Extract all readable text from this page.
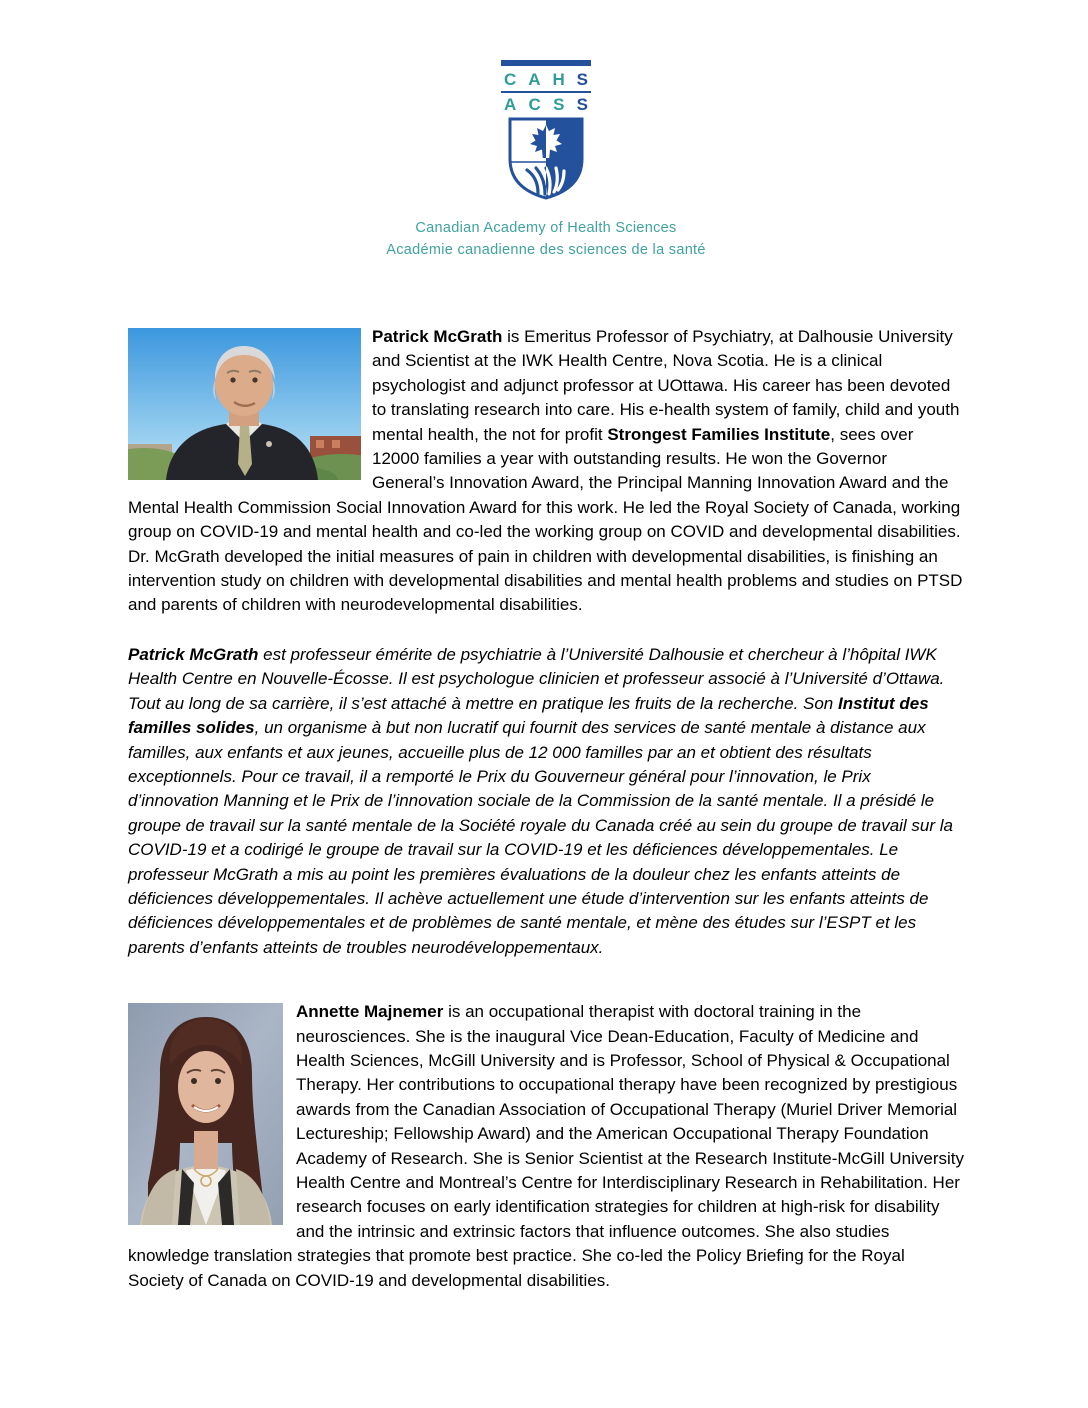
C A H S
A C S S
Canadian Academy of Health Sciences
Académie canadienne des sciences de la santé

Patrick McGrath is Emeritus Professor of Psychiatry, at Dalhousie University and Scientist at the IWK Health Centre, Nova Scotia. He is a clinical psychologist and adjunct professor at UOttawa. His career has been devoted to translating research into care. His e-health system of family, child and youth mental health, the not for profit Strongest Families Institute, sees over 12000 families a year with outstanding results. He won the Governor General’s Innovation Award, the Principal Manning Innovation Award and the Mental Health Commission Social Innovation Award for this work. He led the Royal Society of Canada, working group on COVID-19 and mental health and co-led the working group on COVID and developmental disabilities. Dr. McGrath developed the initial measures of pain in children with developmental disabilities, is finishing an intervention study on children with developmental disabilities and mental health problems and studies on PTSD and parents of children with neurodevelopmental disabilities.

Patrick McGrath est professeur émérite de psychiatrie à l’Université Dalhousie et chercheur à l’hôpital IWK Health Centre en Nouvelle-Écosse. Il est psychologue clinicien et professeur associé à l’Université d’Ottawa. Tout au long de sa carrière, il s’est attaché à mettre en pratique les fruits de la recherche. Son Institut des familles solides, un organisme à but non lucratif qui fournit des services de santé mentale à distance aux familles, aux enfants et aux jeunes, accueille plus de 12 000 familles par an et obtient des résultats exceptionnels. Pour ce travail, il a remporté le Prix du Gouverneur général pour l’innovation, le Prix d’innovation Manning et le Prix de l’innovation sociale de la Commission de la santé mentale. Il a présidé le groupe de travail sur la santé mentale de la Société royale du Canada créé au sein du groupe de travail sur la COVID-19 et a codirigé le groupe de travail sur la COVID-19 et les déficiences développementales. Le professeur McGrath a mis au point les premières évaluations de la douleur chez les enfants atteints de déficiences développementales. Il achève actuellement une étude d’intervention sur les enfants atteints de déficiences développementales et de problèmes de santé mentale, et mène des études sur l’ESPT et les parents d’enfants atteints de troubles neurodéveloppementaux.

Annette Majnemer is an occupational therapist with doctoral training in the neurosciences. She is the inaugural Vice Dean-Education, Faculty of Medicine and Health Sciences, McGill University and is Professor, School of Physical & Occupational Therapy. Her contributions to occupational therapy have been recognized by prestigious awards from the Canadian Association of Occupational Therapy (Muriel Driver Memorial Lectureship; Fellowship Award) and the American Occupational Therapy Foundation Academy of Research. She is Senior Scientist at the Research Institute-McGill University Health Centre and Montreal’s Centre for Interdisciplinary Research in Rehabilitation. Her research focuses on early identification strategies for children at high-risk for disability and the intrinsic and extrinsic factors that influence outcomes. She also studies knowledge translation strategies that promote best practice. She co-led the Policy Briefing for the Royal Society of Canada on COVID-19 and developmental disabilities.
